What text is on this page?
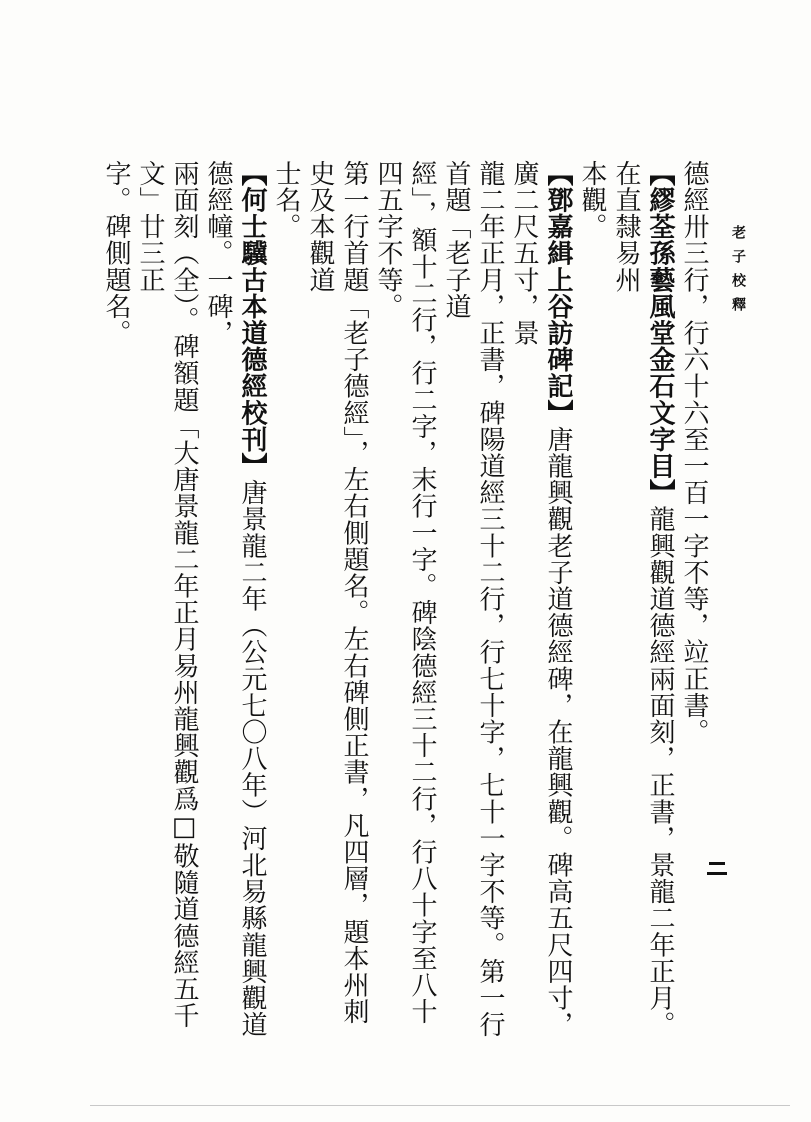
老子校釋

德經卅三行，行六十六至一百一字不等，竝正書。

【繆荃孫藝風堂金石文字目】龍興觀道德經兩面刻，正書，景龍二年正月。在直隸易州

本觀。

【鄧嘉緝上谷訪碑記】唐龍興觀老子道德經碑，在龍興觀。碑高五尺四寸，廣二尺五寸，景

龍二年正月，正書，碑陽道經三十二行，行七十字，七十一字不等。第一行首題「老子道

經」，額十二行，行二字，末行一字。碑陰德經三十二行，行八十字至八十四五字不等。

第一行首題「老子德經」，左右側題名。左右碑側正書，凡四層，題本州刺史及本觀道

士名。

【何士驥古本道德經校刊】唐景龍二年（公元七〇八年）河北易縣龍興觀道德經幢。一碑，

兩面刻（全）。碑額題「大唐景龍二年正月易州龍興觀爲□敬隨道德經五千文」廿三正

字。碑側題名。
